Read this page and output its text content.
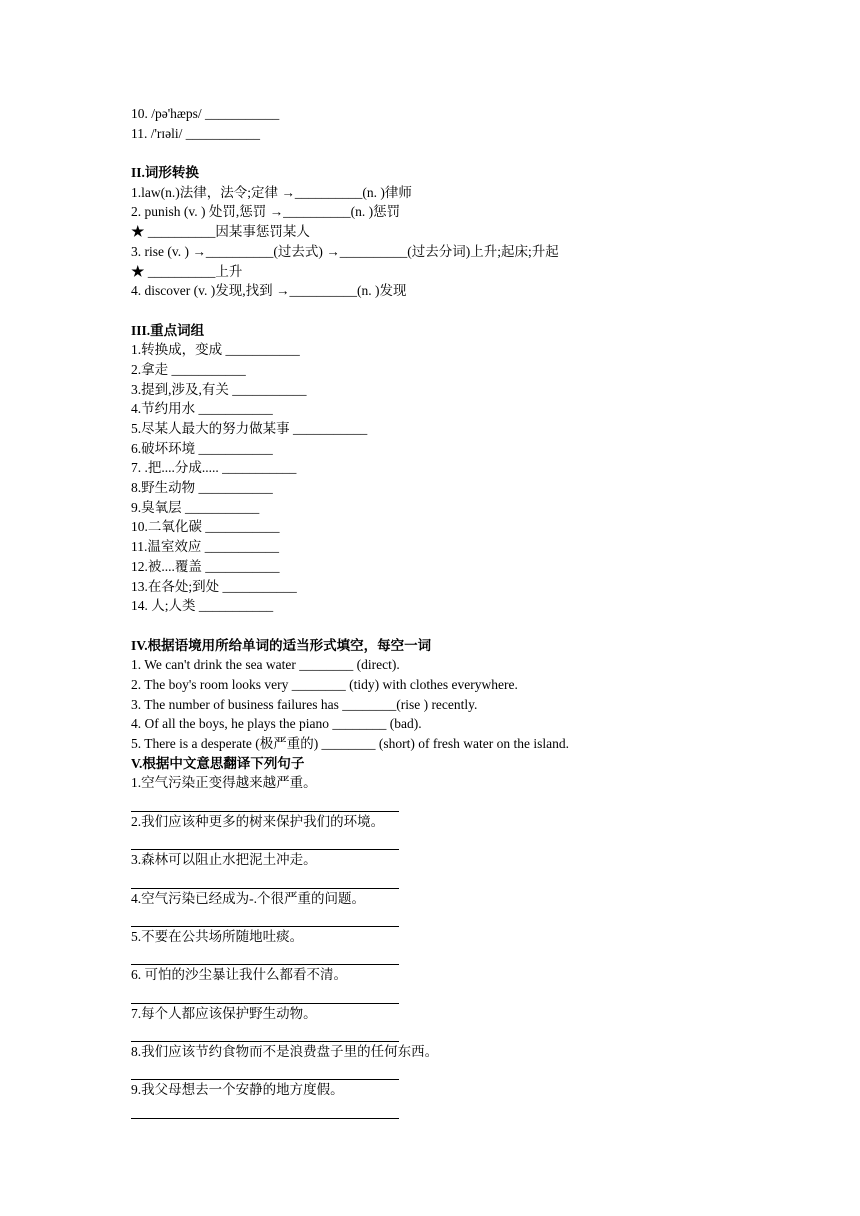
10. /pə'hæps/ ___________
11. /'rɪəli/ ___________
II.词形转换
1.law(n.)法律，法令;定律 →__________(n. )律师
2. punish (v. ) 处罚,惩罚 →__________(n. )惩罚
★ __________因某事惩罚某人
3. rise (v. ) →__________(过去式) →__________(过去分词)上升;起床;升起
★ __________上升
4. discover (v. )发现,找到 →__________(n. )发现
III.重点词组
1.转换成，变成 ___________
2.拿走 ___________
3.提到,涉及,有关 ___________
4.节约用水 ___________
5.尽某人最大的努力做某事 ___________
6.破坏环境 ___________
7. .把....分成..... ___________
8.野生动物 ___________
9.臭氧层 ___________
10.二氧化碳 ___________
11.温室效应 ___________
12.被....覆盖 ___________
13.在各处;到处 ___________
14. 人;人类 ___________
IV.根据语境用所给单词的适当形式填空，每空一词
1. We can't drink the sea water ________ (direct).
2. The boy's room looks very ________ (tidy) with clothes everywhere.
3. The number of business failures has ________(rise ) recently.
4. Of all the boys, he plays the piano ________ (bad).
5. There is a desperate (极严重的) ________ (short) of fresh water on the island.
V.根据中文意思翻译下列句子
1.空气污染正变得越来越严重。
2.我们应该种更多的树来保护我们的环境。
3.森林可以阻止水把泥土冲走。
4.空气污染已经成为-.个很严重的问题。
5.不要在公共场所随地吐痰。
6. 可怕的沙尘暴让我什么都看不清。
7.每个人都应该保护野生动物。
8.我们应该节约食物而不是浪费盘子里的任何东西。
9.我父母想去一个安静的地方度假。
